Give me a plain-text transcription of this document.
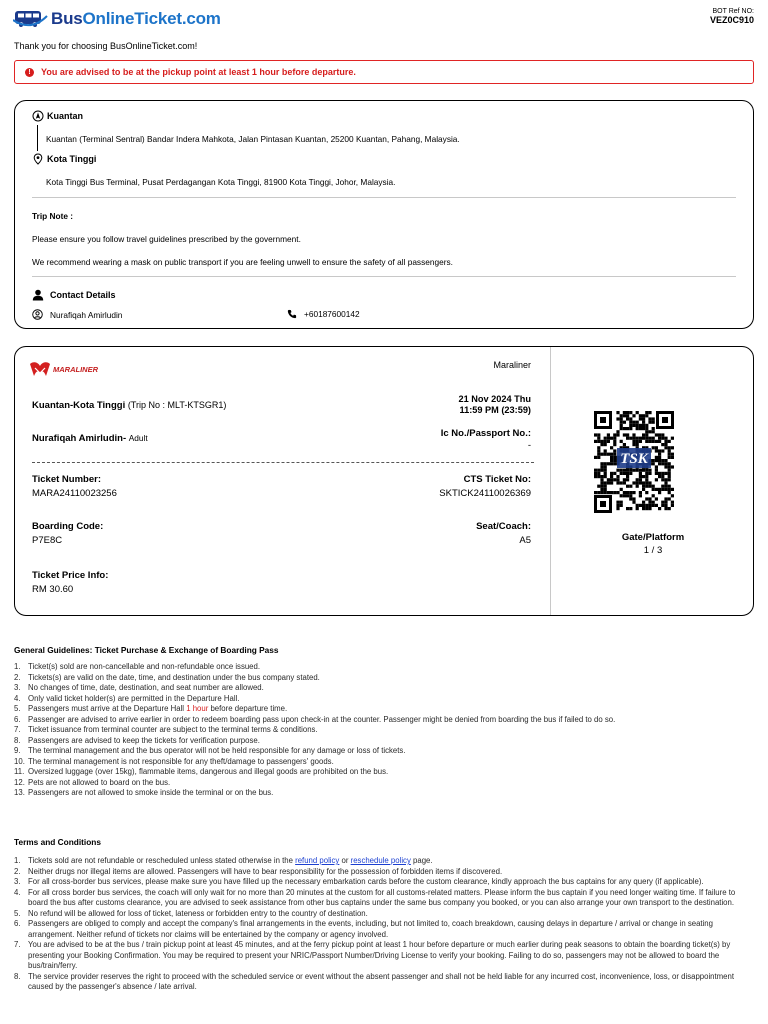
BusOnlineTicket.com	BOT Ref NO:
VEZ0C910
Thank you for choosing BusOnlineTicket.com!
!	You are advised to be at the pickup point at least 1 hour before departure.
Kuantan
Kuantan (Terminal Sentral) Bandar Indera Mahkota, Jalan Pintasan Kuantan, 25200 Kuantan, Pahang, Malaysia.
Kota Tinggi
Kota Tinggi Bus Terminal, Pusat Perdagangan Kota Tinggi, 81900 Kota Tinggi, Johor, Malaysia.
Trip Note :
Please ensure you follow travel guidelines prescribed by the government.
We recommend wearing a mask on public transport if you are feeling unwell to ensure the safety of all passengers.
Contact Details
Nurafiqah Amirludin	+60187600142
MARALINER	Maraliner
Kuantan-Kota Tinggi (Trip No : MLT-KTSGR1)
21 Nov 2024 Thu
11:59 PM (23:59)
Nurafiqah Amirludin- Adult	Ic No./Passport No.:
-
Ticket Number:
MARA24110023256
CTS Ticket No:
SKTICK24110026369
Boarding Code:
P7E8C
Seat/Coach:
A5
Ticket Price Info:
RM 30.60
TSK
Gate/Platform
1 / 3
General Guidelines: Ticket Purchase & Exchange of Boarding Pass
Ticket(s) sold are non-cancellable and non-refundable once issued.
Tickets(s) are valid on the date, time, and destination under the bus company stated.
No changes of time, date, destination, and seat number are allowed.
Only valid ticket holder(s) are permitted in the Departure Hall.
Passengers must arrive at the Departure Hall 1 hour before departure time.
Passenger are advised to arrive earlier in order to redeem boarding pass upon check-in at the counter. Passenger might be denied from boarding the bus if failed to do so.
Ticket issuance from terminal counter are subject to the terminal terms & conditions.
Passengers are advised to keep the tickets for verification purpose.
The terminal management and the bus operator will not be held responsible for any damage or loss of tickets.
The terminal management is not responsible for any theft/damage to passengers' goods.
Oversized luggage (over 15kg), flammable items, dangerous and illegal goods are prohibited on the bus.
Pets are not allowed to board on the bus.
Passengers are not allowed to smoke inside the terminal or on the bus.
Terms and Conditions
Tickets sold are not refundable or rescheduled unless stated otherwise in the refund policy or reschedule policy page.
Neither drugs nor illegal items are allowed. Passengers will have to bear responsibility for the possession of forbidden items if discovered.
For all cross-border bus services, please make sure you have filled up the necessary embarkation cards before the custom clearance, kindly approach the bus captains for any query (if applicable).
For all cross border bus services, the coach will only wait for no more than 20 minutes at the custom for all customs-related matters. Please inform the bus captain if you need longer waiting time. If failure to board the bus after customs clearance, you are advised to seek assistance from other bus captains under the same bus company you booked, or you can also arrange your own transport to the destination.
No refund will be allowed for loss of ticket, lateness or forbidden entry to the country of destination.
Passengers are obliged to comply and accept the company's final arrangements in the events, including, but not limited to, coach breakdown, causing delays in departure / arrival or change in seating arrangement. Neither refund of tickets nor claims will be entertained by the company or agency involved.
You are advised to be at the bus / train pickup point at least 45 minutes, and at the ferry pickup point at least 1 hour before departure or much earlier during peak seasons to obtain the boarding ticket(s) by presenting your Booking Confirmation. You may be required to present your NRIC/Passport Number/Driving License to verify your booking. Failing to do so, passengers may not be allowed to board the bus/train/ferry.
The service provider reserves the right to proceed with the scheduled service or event without the absent passenger and shall not be held liable for any incurred cost, inconvenience, loss, or disappointment caused by the passenger's absence / late arrival.
